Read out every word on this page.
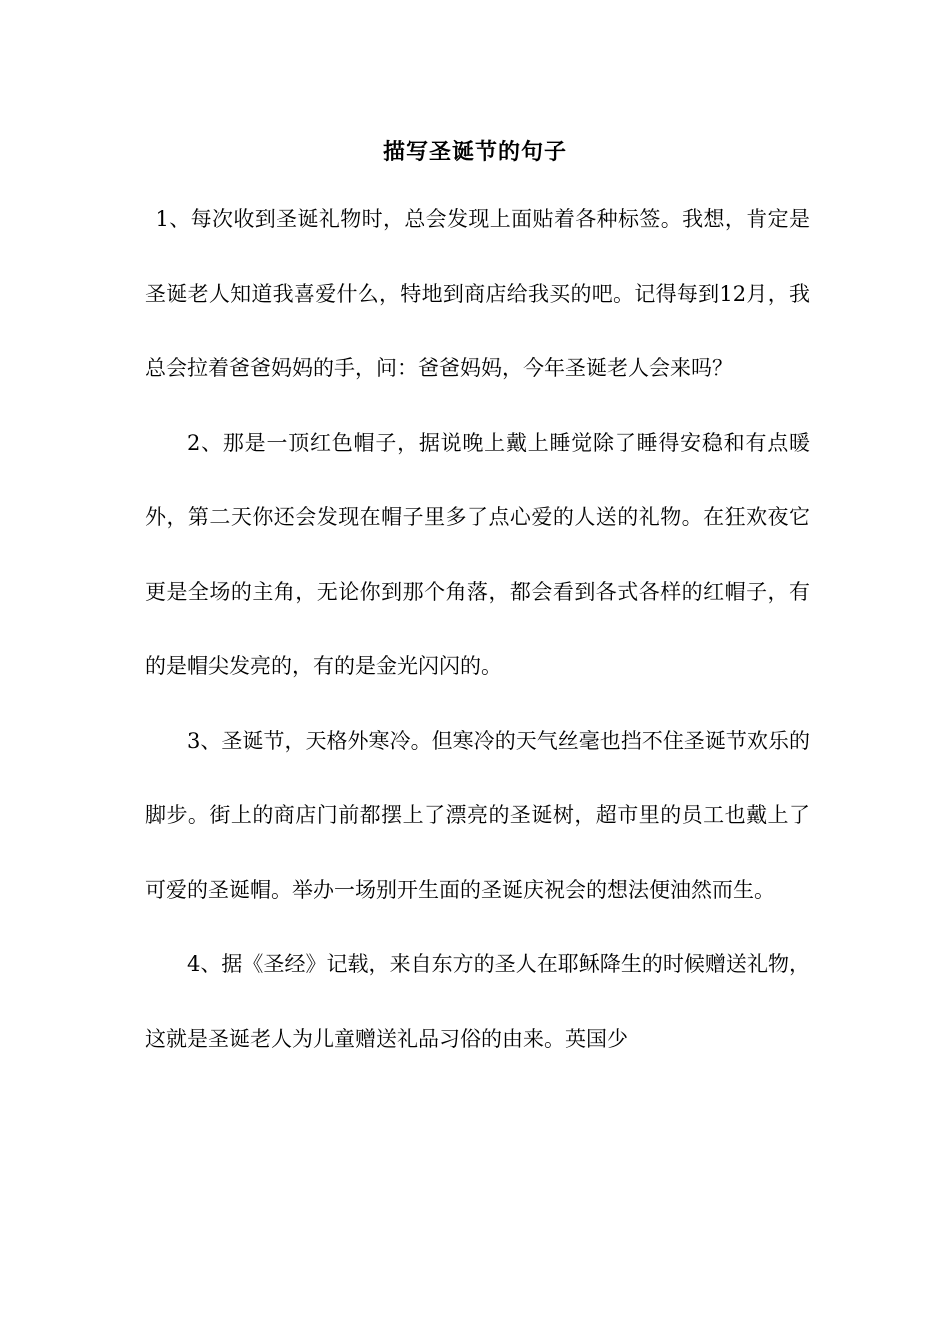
描写圣诞节的句子

1、每次收到圣诞礼物时，总会发现上面贴着各种标签。我想，肯定是圣诞老人知道我喜爱什么，特地到商店给我买的吧。记得每到12月，我总会拉着爸爸妈妈的手，问：爸爸妈妈，今年圣诞老人会来吗？

2、那是一顶红色帽子，据说晚上戴上睡觉除了睡得安稳和有点暖外，第二天你还会发现在帽子里多了点心爱的人送的礼物。在狂欢夜它更是全场的主角，无论你到那个角落，都会看到各式各样的红帽子，有的是帽尖发亮的，有的是金光闪闪的。

3、圣诞节，天格外寒冷。但寒冷的天气丝毫也挡不住圣诞节欢乐的脚步。街上的商店门前都摆上了漂亮的圣诞树，超市里的员工也戴上了可爱的圣诞帽。举办一场别开生面的圣诞庆祝会的想法便油然而生。

4、据《圣经》记载，来自东方的圣人在耶稣降生的时候赠送礼物，这就是圣诞老人为儿童赠送礼品习俗的由来。英国少
